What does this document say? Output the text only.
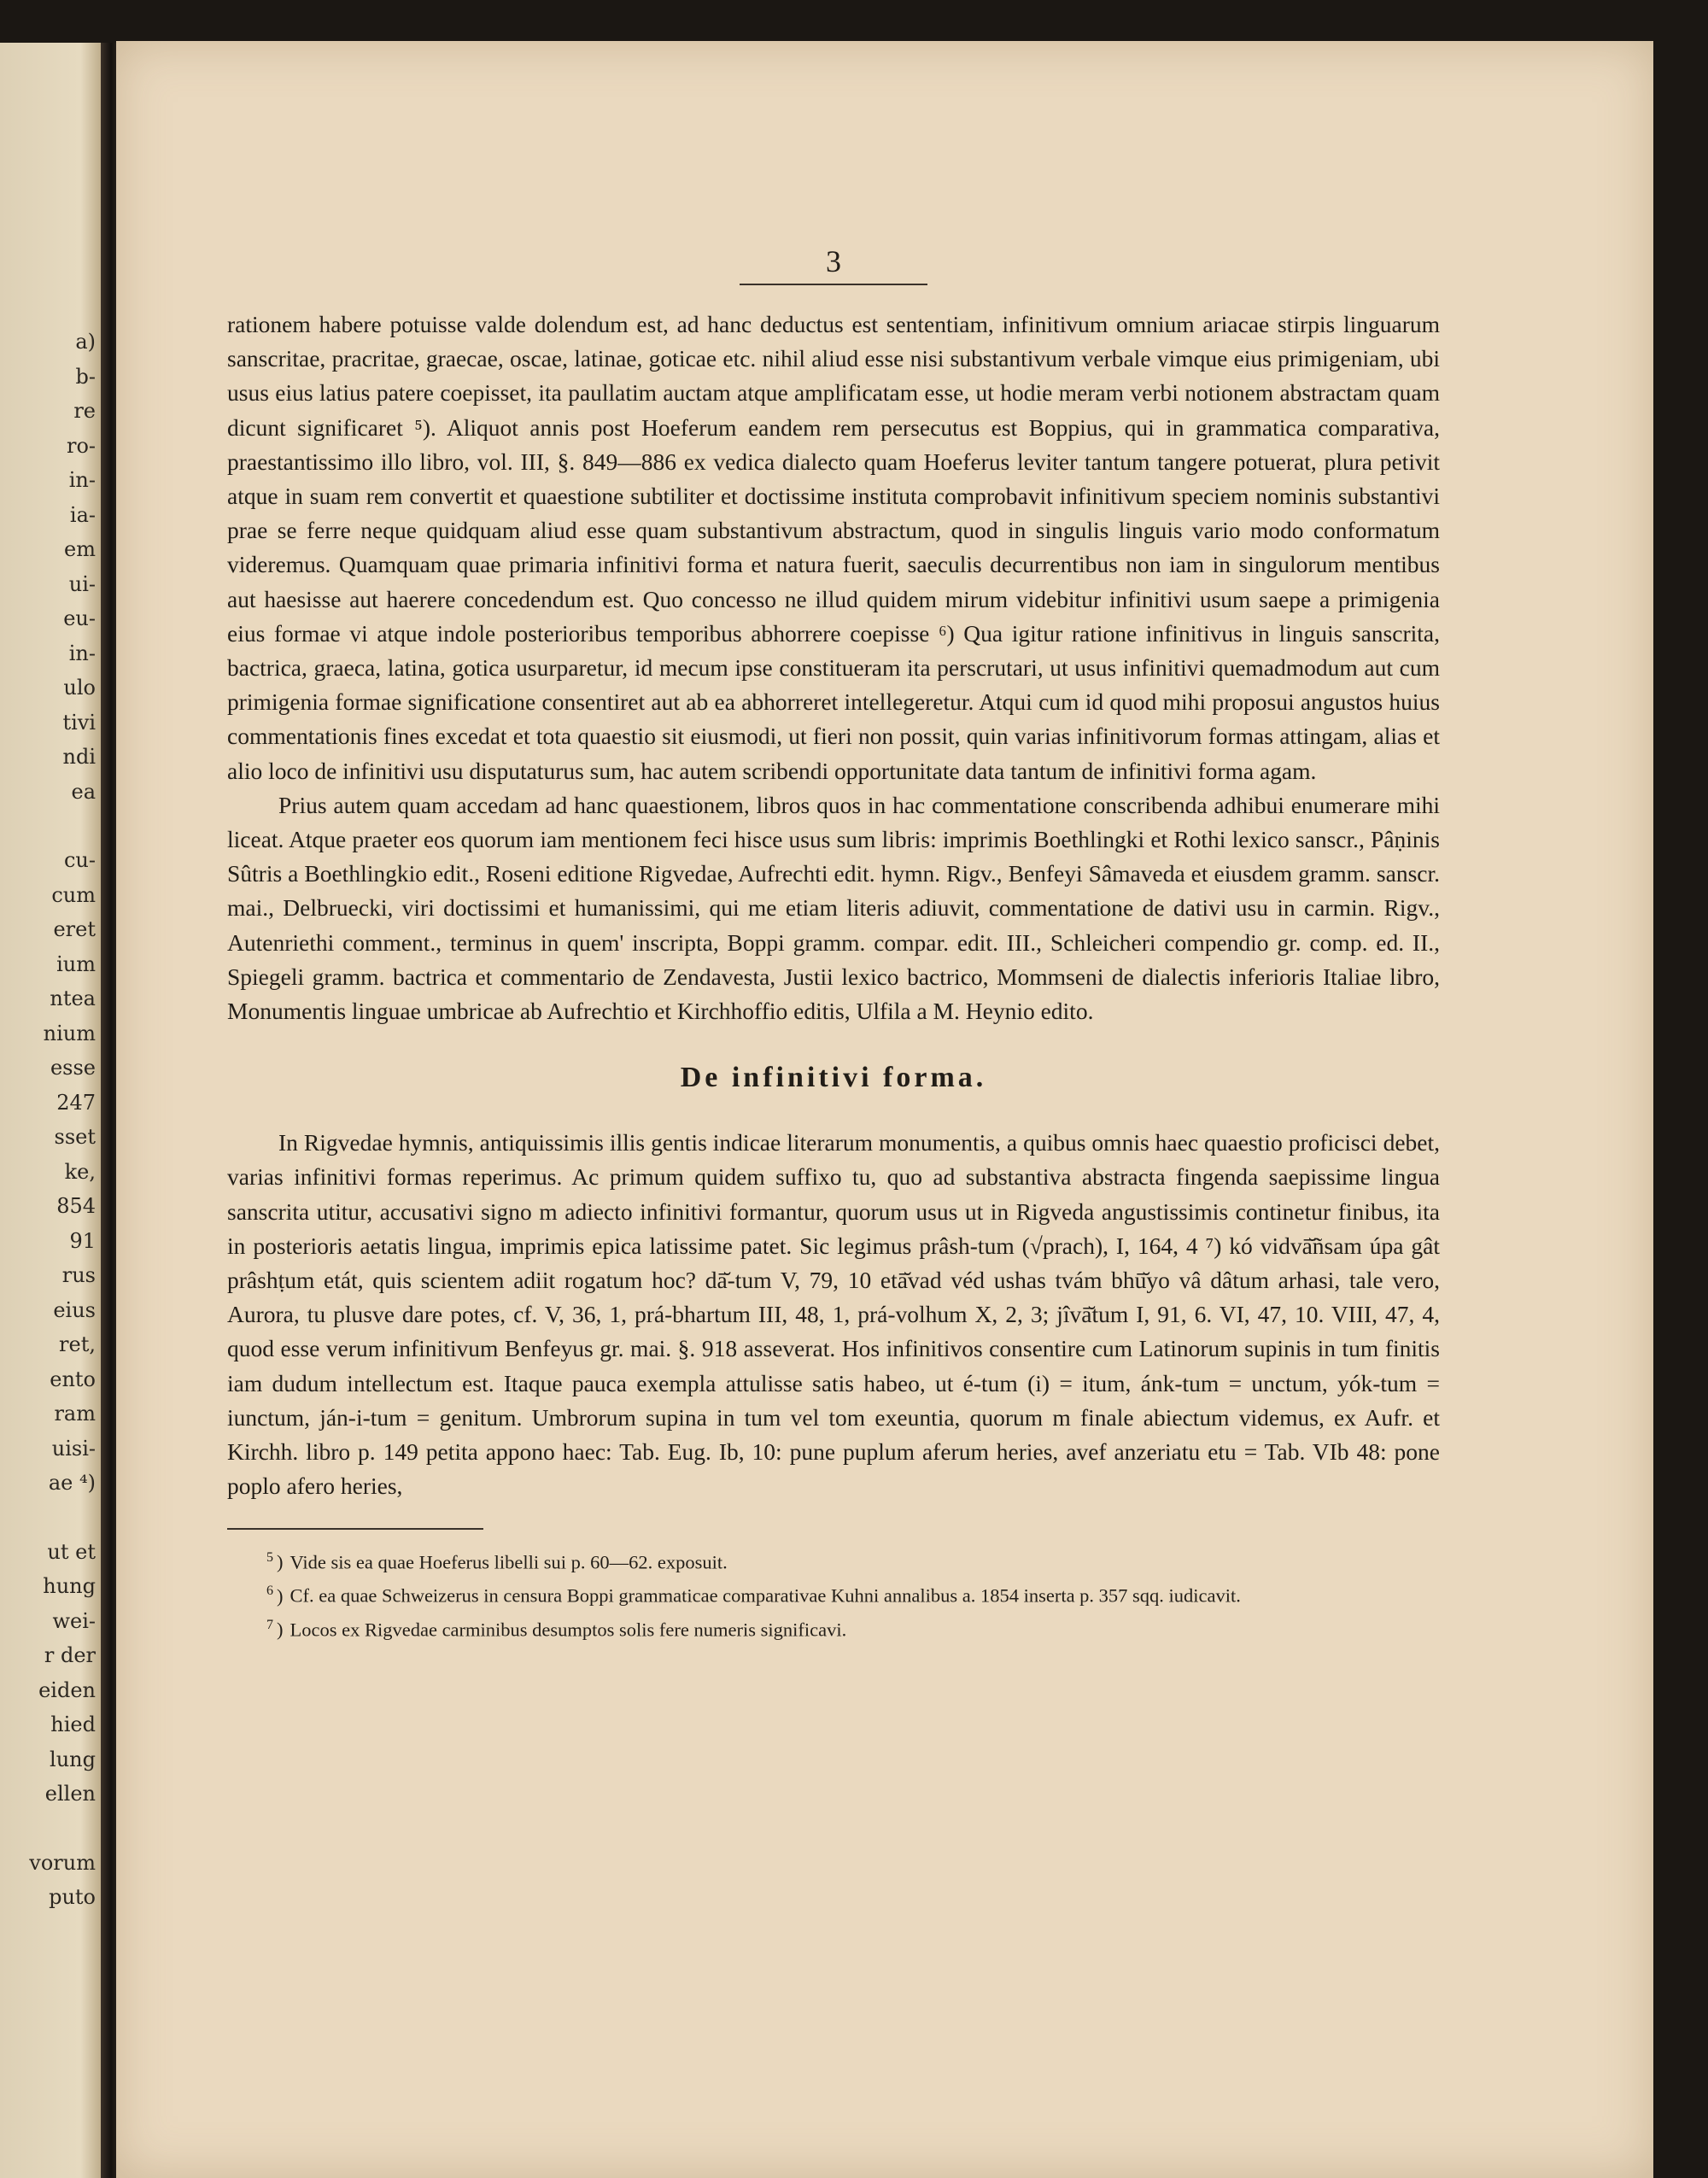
a)
b-
re
ro-
in-
ia-
em
ui-
eu-
in-
ulo
tivi
ndi
ea
cu-
cum
eret
ium
ntea
nium
esse
247
sset
ke,
854
91
rus
eius
ret,
ento
ram
uisi-
ae ⁴)
ut et
hung
wei-
r der
eiden
hied
lung
ellen
vorum
puto
3

rationem habere potuisse valde dolendum est, ad hanc deductus est sententiam, infinitivum omnium ariacae stirpis linguarum sanscritae, pracritae, graecae, oscae, latinae, goticae etc. nihil aliud esse nisi substantivum verbale vimque eius primigeniam, ubi usus eius latius patere coepisset, ita paullatim auctam atque amplificatam esse, ut hodie meram verbi notionem abstractam quam dicunt significaret ⁵). Aliquot annis post Hoeferum eandem rem persecutus est Boppius, qui in grammatica comparativa, praestantissimo illo libro, vol. III, §. 849—886 ex vedica dialecto quam Hoeferus leviter tantum tangere potuerat, plura petivit atque in suam rem convertit et quaestione subtiliter et doctissime instituta comprobavit infinitivum speciem nominis substantivi prae se ferre neque quidquam aliud esse quam substantivum abstractum, quod in singulis linguis vario modo conformatum videremus. Quamquam quae primaria infinitivi forma et natura fuerit, saeculis decurrentibus non iam in singulorum mentibus aut haesisse aut haerere concedendum est. Quo concesso ne illud quidem mirum videbitur infinitivi usum saepe a primigenia eius formae vi atque indole posterioribus temporibus abhorrere coepisse ⁶) Qua igitur ratione infinitivus in linguis sanscrita, bactrica, graeca, latina, gotica usurparetur, id mecum ipse constitueram ita perscrutari, ut usus infinitivi quemadmodum aut cum primigenia formae significatione consentiret aut ab ea abhorreret intellegeretur. Atqui cum id quod mihi proposui angustos huius commentationis fines excedat et tota quaestio sit eiusmodi, ut fieri non possit, quin varias infinitivorum formas attingam, alias et alio loco de infinitivi usu disputaturus sum, hac autem scribendi opportunitate data tantum de infinitivi forma agam.

Prius autem quam accedam ad hanc quaestionem, libros quos in hac commentatione conscribenda adhibui enumerare mihi liceat. Atque praeter eos quorum iam mentionem feci hisce usus sum libris: imprimis Boethlingki et Rothi lexico sanscr., Pâṇinis Sûtris a Boethlingkio edit., Roseni editione Rigvedae, Aufrechti edit. hymn. Rigv., Benfeyi Sâmaveda et eiusdem gramm. sanscr. mai., Delbruecki, viri doctissimi et humanissimi, qui me etiam literis adiuvit, commentatione de dativi usu in carmin. Rigv., Autenriethi comment., terminus in quem' inscripta, Boppi gramm. compar. edit. III., Schleicheri compendio gr. comp. ed. II., Spiegeli gramm. bactrica et commentario de Zendavesta, Justii lexico bactrico, Mommseni de dialectis inferioris Italiae libro, Monumentis linguae umbricae ab Aufrechtio et Kirchhoffio editis, Ulfila a M. Heynio edito.

De infinitivi forma.

In Rigvedae hymnis, antiquissimis illis gentis indicae literarum monumentis, a quibus omnis haec quaestio proficisci debet, varias infinitivi formas reperimus. Ac primum quidem suffixo tu, quo ad substantiva abstracta fingenda saepissime lingua sanscrita utitur, accusativi signo m adiecto infinitivi formantur, quorum usus ut in Rigveda angustissimis continetur finibus, ita in posterioris aetatis lingua, imprimis epica latissime patet. Sic legimus prâsh-tum (√prach), I, 164, 4 ⁷) kó vidvā̆ñsam úpa gât prâshṭum etát, quis scientem adiit rogatum hoc? dā̆-tum V, 79, 10 etā̆vad véd ushas tvám bhū̆yo vâ dâtum arhasi, tale vero, Aurora, tu plusve dare potes, cf. V, 36, 1, prá-bhartum III, 48, 1, prá-volhum X, 2, 3; jîvā̆tum I, 91, 6. VI, 47, 10. VIII, 47, 4, quod esse verum infinitivum Benfeyus gr. mai. §. 918 asseverat. Hos infinitivos consentire cum Latinorum supinis in tum finitis iam dudum intellectum est. Itaque pauca exempla attulisse satis habeo, ut é-tum (i) = itum, ánk-tum = unctum, yók-tum = iunctum, ján-i-tum = genitum. Umbrorum supina in tum vel tom exeuntia, quorum m finale abiectum videmus, ex Aufr. et Kirchh. libro p. 149 petita appono haec: Tab. Eug. Ib, 10: pune puplum aferum heries, avef anzeriatu etu = Tab. VIb 48: pone poplo afero heries,

$^5$ ) Vide sis ea quae Hoeferus libelli sui p. 60—62. exposuit.
$^6$ ) Cf. ea quae Schweizerus in censura Boppi grammaticae comparativae Kuhni annalibus a. 1854 inserta p. 357 sqq. iudicavit.
$^7$ ) Locos ex Rigvedae carminibus desumptos solis fere numeris significavi.
